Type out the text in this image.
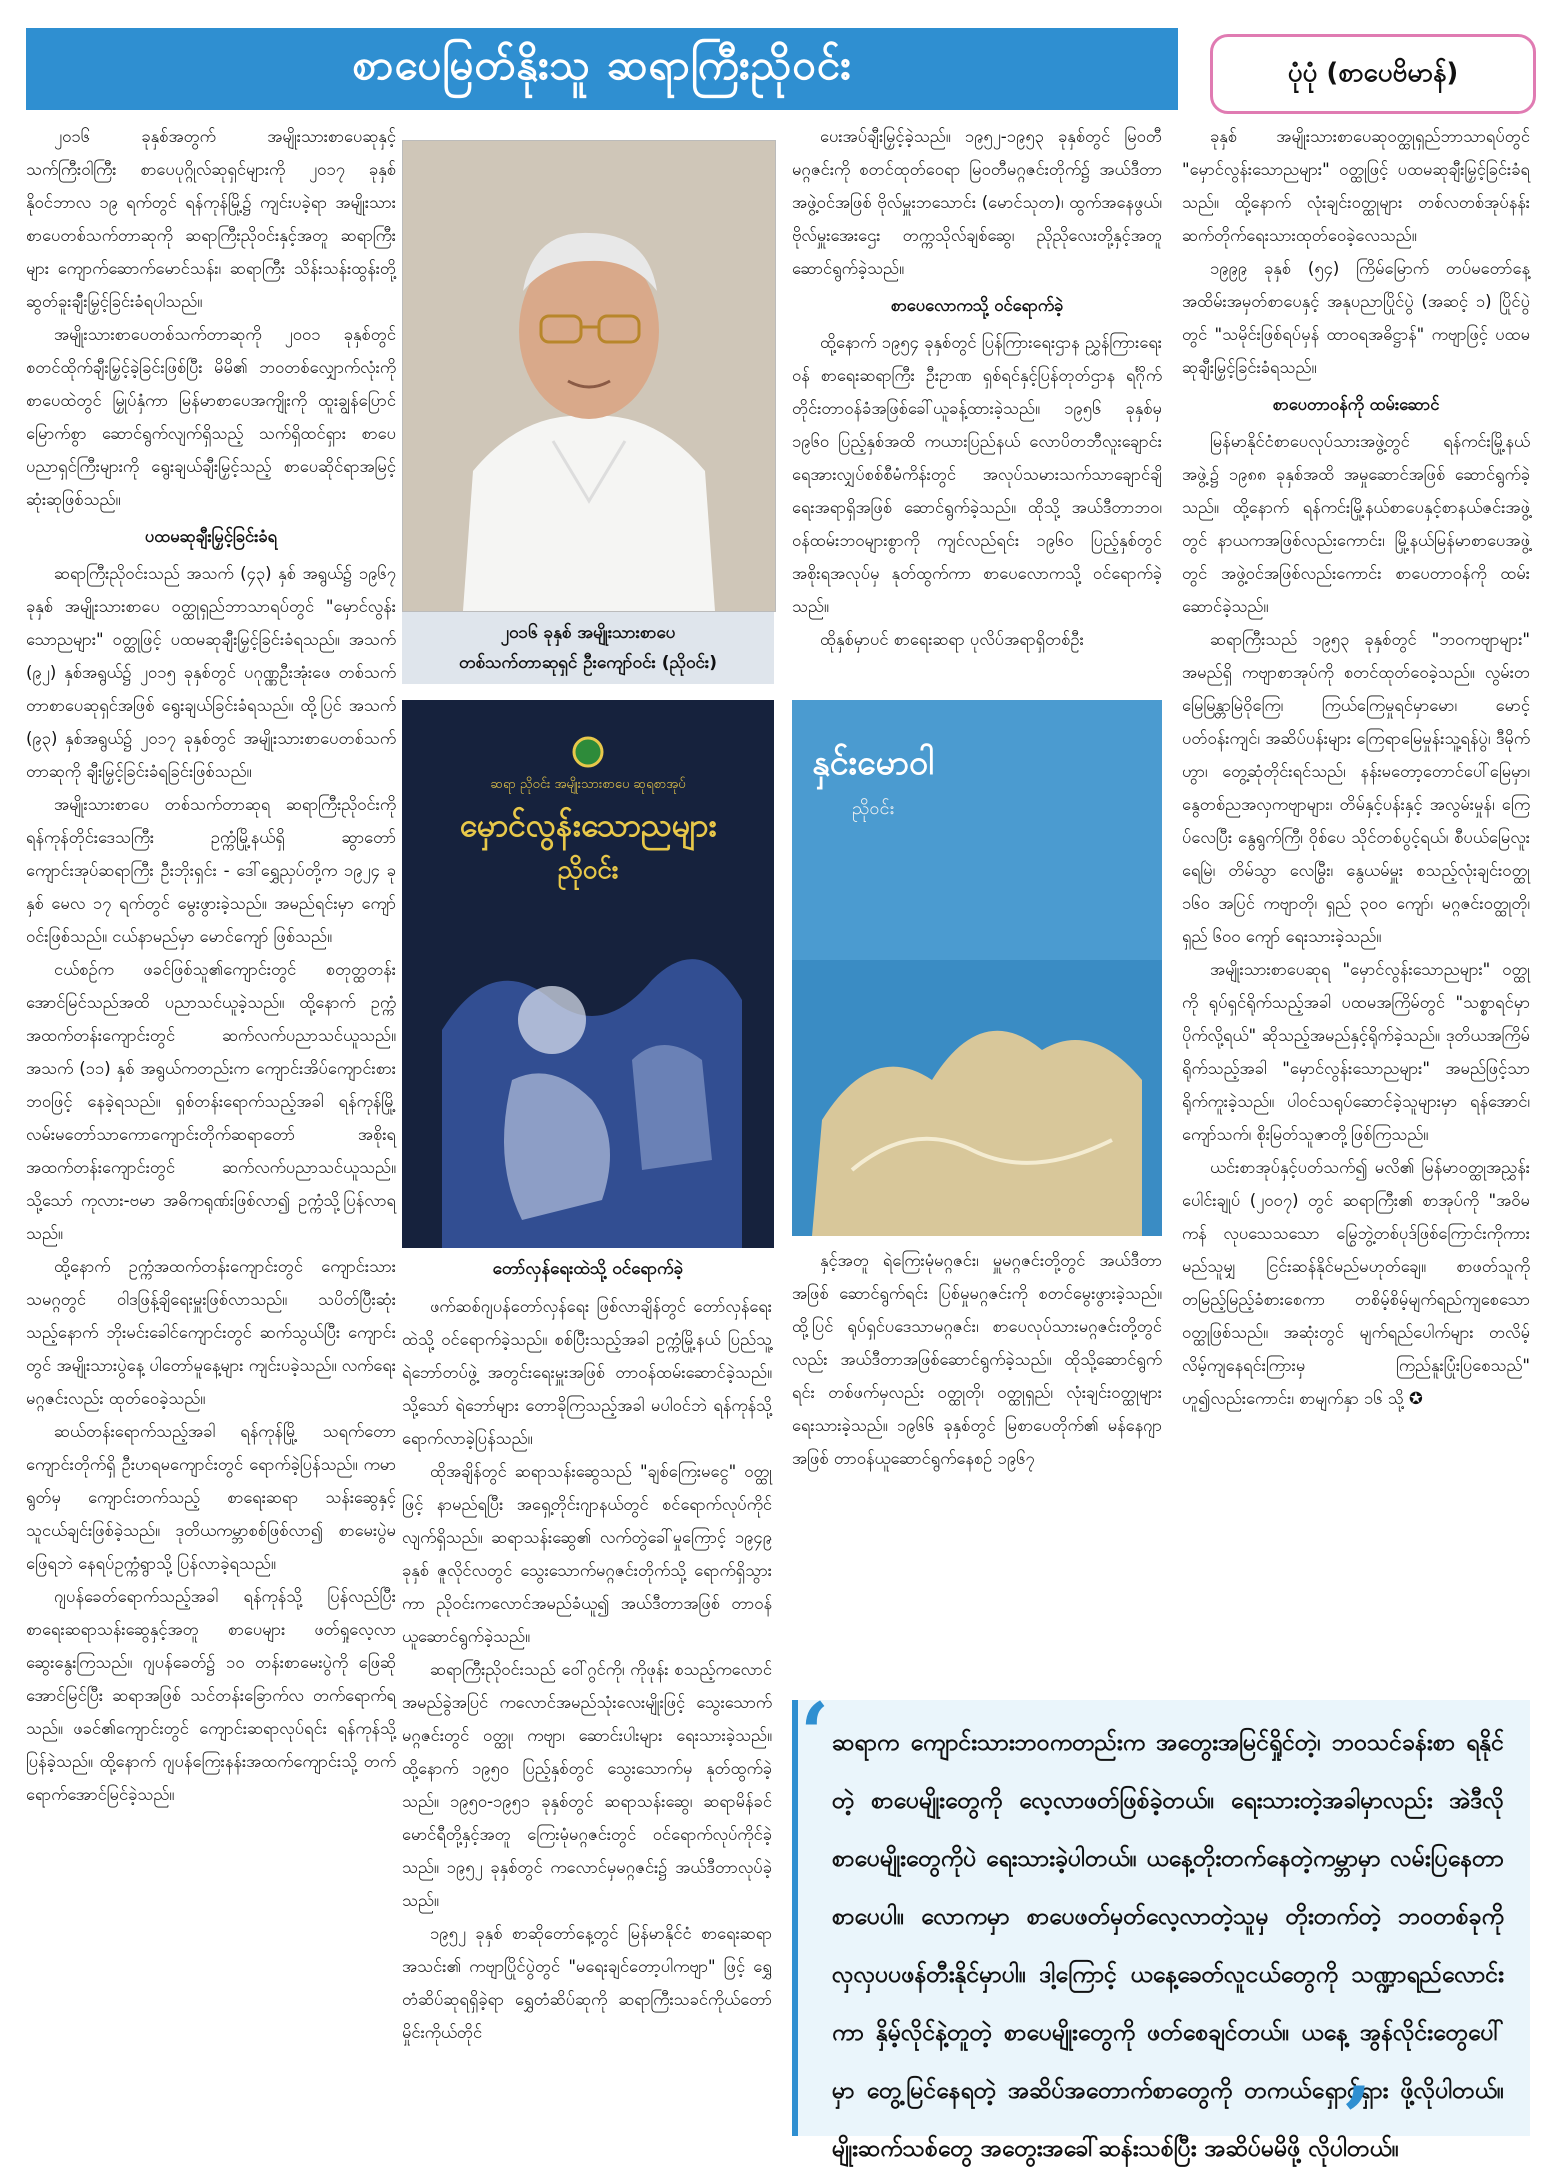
စာပေမြတ်နိုးသူ ဆရာကြီးညိုဝင်း	ပုံပုံ (စာပေဗိမာန်)

၂၀၁၆ ခုနှစ်အတွက် အမျိုးသားစာပေဆုနှင့် သက်ကြီးဝါကြီး စာပေပုဂ္ဂိုလ်ဆုရှင်များကို ၂၀၁၇ ခုနှစ် နိုဝင်ဘာလ ၁၉ ရက်တွင် ရန်ကုန်မြို့၌ ကျင်းပခဲ့ရာ အမျိုးသားစာပေတစ်သက်တာဆုကို ဆရာကြီးညိုဝင်းနှင့်အတူ ဆရာကြီးများ ကျောက်ဆောက်မောင်သန်း၊ ဆရာကြီး သိန်းသန်းထွန်းတို့ ဆွတ်ခူးချီးမြှင့်ခြင်းခံရပါသည်။

အမျိုးသားစာပေတစ်သက်တာဆုကို ၂၀၀၁ ခုနှစ်တွင် စတင်ထိုက်ချီးမြှင့်ခဲ့ခြင်းဖြစ်ပြီး မိမိ၏ ဘဝတစ်လျှောက်လုံးကို စာပေထဲတွင် မြှုပ်နှံကာ မြန်မာစာပေအကျိုးကို ထူးချွန်ပြောင်မြောက်စွာ ဆောင်ရွက်လျက်ရှိသည့် သက်ရှိထင်ရှား စာပေပညာရှင်ကြီးများကို ရွေးချယ်ချီးမြှင့်သည့် စာပေဆိုင်ရာအမြင့်ဆုံးဆုဖြစ်သည်။

ပထမဆုချီးမြှင့်ခြင်းခံရ

ဆရာကြီးညိုဝင်းသည် အသက် (၄၃) နှစ် အရွယ်၌ ၁၉၆၇ ခုနှစ် အမျိုးသားစာပေ ဝတ္ထုရှည်ဘာသာရပ်တွင် "မှောင်လွန်းသောညများ" ဝတ္ထုဖြင့် ပထမဆုချီးမြှင့်ခြင်းခံရသည်။ အသက် (၉၂) နှစ်အရွယ်၌ ၂၀၁၅ ခုနှစ်တွင် ပဂုဏ္ဏဦးအုံးဖေ တစ်သက်တာစာပေဆုရှင်အဖြစ် ရွေးချယ်ခြင်းခံရသည်။ ထို့ပြင် အသက် (၉၃) နှစ်အရွယ်၌ ၂၀၁၇ ခုနှစ်တွင် အမျိုးသားစာပေတစ်သက်တာဆုကို ချီးမြှင့်ခြင်းခံရခြင်းဖြစ်သည်။

အမျိုးသားစာပေ တစ်သက်တာဆုရ ဆရာကြီးညိုဝင်းကို ရန်ကုန်တိုင်းဒေသကြီး ဥက္ကံမြို့နယ်ရှိ ဆွာတော်ကျောင်းအုပ်ဆရာကြီး ဦးဘိုးရှင်း - ဒေါ်ရွှေညှပ်တို့က ၁၉၂၄ ခုနှစ် မေလ ၁၇ ရက်တွင် မွေးဖွားခဲ့သည်။ အမည်ရင်းမှာ ကျော်ဝင်းဖြစ်သည်။ ငယ်နာမည်မှာ မောင်ကျော် ဖြစ်သည်။

ငယ်စဉ်က ဖခင်ဖြစ်သူ၏ကျောင်းတွင် စတုတ္ထတန်းအောင်မြင်သည်အထိ ပညာသင်ယူခဲ့သည်။ ထို့နောက် ဥက္ကံအထက်တန်းကျောင်းတွင် ဆက်လက်ပညာသင်ယူသည်။ အသက် (၁၁) နှစ် အရွယ်ကတည်းက ကျောင်းအိပ်ကျောင်းစား ဘဝဖြင့် နေခဲ့ရသည်။ ရှစ်တန်းရောက်သည့်အခါ ရန်ကုန်မြို့ လမ်းမတော်သာကောကျောင်းတိုက်ဆရာတော် အစိုးရအထက်တန်းကျောင်းတွင် ဆက်လက်ပညာသင်ယူသည်။ သို့သော် ကုလား-ဗမာ အဓိကရုဏ်းဖြစ်လာ၍ ဥက္ကံသို့ပြန်လာရသည်။

ထို့နောက် ဥက္ကံအထက်တန်းကျောင်းတွင် ကျောင်းသားသမဂ္ဂတွင် ဝါဒဖြန့်ချိရေးမှူးဖြစ်လာသည်။ သပိတ်ပြီးဆုံးသည့်နောက် ဘိုးမင်းခေါင်ကျောင်းတွင် ဆက်သွယ်ပြီး ကျောင်းတွင် အမျိုးသားပွဲနေ့ ပါတော်မူနေ့များ ကျင်းပခဲ့သည်။ လက်ရေးမဂ္ဂဇင်းလည်း ထုတ်ဝေခဲ့သည်။

ဆယ်တန်းရောက်သည့်အခါ ရန်ကုန်မြို့ သရက်တောကျောင်းတိုက်ရှိ ဦးဟရမကျောင်းတွင် ရောက်ခဲ့ပြန်သည်။ ကမာရွတ်မှ ကျောင်းတက်သည့် စာရေးဆရာ သန်းဆွေနှင့် သူငယ်ချင်းဖြစ်ခဲ့သည်။ ဒုတိယကမ္ဘာစစ်ဖြစ်လာ၍ စာမေးပွဲမဖြေရဘဲ နေရပ်ဥက္ကံရွာသို့ ပြန်လာခဲ့ရသည်။

ဂျပန်ခေတ်ရောက်သည့်အခါ ရန်ကုန်သို့ ပြန်လည်ပြီး စာရေးဆရာသန်းဆွေနှင့်အတူ စာပေများ ဖတ်ရှုလေ့လာဆွေးနွေးကြသည်။ ဂျပန်ခေတ်၌ ၁၀ တန်းစာမေးပွဲကို ဖြေဆိုအောင်မြင်ပြီး ဆရာအဖြစ် သင်တန်းခြောက်လ တက်ရောက်ရသည်။ ဖခင်၏ကျောင်းတွင် ကျောင်းဆရာလုပ်ရင်း ရန်ကုန်သို့ပြန်ခဲ့သည်။ ထို့နောက် ဂျပန်ကြေးနန်းအထက်ကျောင်းသို့ တက်ရောက်အောင်မြင်ခဲ့သည်။

၂၀၁၆ ခုနှစ် အမျိုးသားစာပေ
တစ်သက်တာဆုရှင် ဦးကျော်ဝင်း (ညိုဝင်း)
ဆရာ ညိုဝင်း အမျိုးသားစာပေ ဆုရစာအုပ်
မှောင်လွန်းသောညများ
ညိုဝင်း
တော်လှန်ရေးထဲသို့ ဝင်ရောက်ခဲ့

ဖက်ဆစ်ဂျပန်တော်လှန်ရေး ဖြစ်လာချိန်တွင် တော်လှန်ရေးထဲသို့ ဝင်ရောက်ခဲ့သည်။ စစ်ပြီးသည့်အခါ ဥက္ကံမြို့နယ် ပြည်သူ့ရဲဘော်တပ်ဖွဲ့ အတွင်းရေးမှူးအဖြစ် တာဝန်ထမ်းဆောင်ခဲ့သည်။ သို့သော် ရဲဘော်များ တောခိုကြသည့်အခါ မပါဝင်ဘဲ ရန်ကုန်သို့ ရောက်လာခဲ့ပြန်သည်။

ထိုအချိန်တွင် ဆရာသန်းဆွေသည် "ချစ်ကြေးမငွေ" ဝတ္ထုဖြင့် နာမည်ရပြီး အရှေ့တိုင်းဂျာနယ်တွင် စင်ရောက်လုပ်ကိုင်လျက်ရှိသည်။ ဆရာသန်းဆွေ၏ လက်တွဲခေါ်မှုကြောင့် ၁၉၄၉ ခုနှစ် ဇူလိုင်လတွင် သွေးသောက်မဂ္ဂဇင်းတိုက်သို့ ရောက်ရှိသွားကာ ညိုဝင်းကလောင်အမည်ခံယူ၍ အယ်ဒီတာအဖြစ် တာဝန်ယူဆောင်ရွက်ခဲ့သည်။

ဆရာကြီးညိုဝင်းသည် ဝေါ်ဂွင်ကို၊ ကိုဖုန်း စသည့်ကလောင်အမည်ခွဲအပြင် ကလောင်အမည်သုံးလေးမျိုးဖြင့် သွေးသောက်မဂ္ဂဇင်းတွင် ဝတ္ထု၊ ကဗျာ၊ ဆောင်းပါးများ ရေးသားခဲ့သည်။ ထို့နောက် ၁၉၅၀ ပြည့်နှစ်တွင် သွေးသောက်မှ နုတ်ထွက်ခဲ့သည်။ ၁၉၅၀-၁၉၅၁ ခုနှစ်တွင် ဆရာသန်းဆွေ၊ ဆရာမိန်ခင်မောင်ရီတို့နှင့်အတူ ကြေးမုံမဂ္ဂဇင်းတွင် ဝင်ရောက်လုပ်ကိုင်ခဲ့သည်။ ၁၉၅၂ ခုနှစ်တွင် ကလောင်မှမဂ္ဂဇင်း၌ အယ်ဒီတာလုပ်ခဲ့သည်။

၁၉၅၂ ခုနှစ် စာဆိုတော်နေ့တွင် မြန်မာနိုင်ငံ စာရေးဆရာအသင်း၏ ကဗျာပြိုင်ပွဲတွင် "မရေးချင်တော့ပါကဗျာ" ဖြင့် ရွှေတံဆိပ်ဆုရရှိခဲ့ရာ ရွှေတံဆိပ်ဆုကို ဆရာကြီးသခင်ကိုယ်တော်မှိုင်းကိုယ်တိုင်

ပေးအပ်ချီးမြှင့်ခဲ့သည်။ ၁၉၅၂-၁၉၅၃ ခုနှစ်တွင် မြဝတီမဂ္ဂဇင်းကို စတင်ထုတ်ဝေရာ မြဝတီမဂ္ဂဇင်းတိုက်၌ အယ်ဒီတာအဖွဲ့ဝင်အဖြစ် ဗိုလ်မှူးဘသောင်း (မောင်သုတ)၊ ထွက်အနေဖွယ်၊ ဗိုလ်မှူးအေးဌေး တက္ကသိုလ်ချစ်ဆွေ၊ ညိုညိုလေးတို့နှင့်အတူ ဆောင်ရွက်ခဲ့သည်။

စာပေလောကသို့ ဝင်ရောက်ခဲ့

ထို့နောက် ၁၉၅၄ ခုနှစ်တွင် ပြန်ကြားရေးဌာန ညွှန်ကြားရေးဝန် စာရေးဆရာကြီး ဦးဥာဏ ရှစ်ရင်နှင့်ပြန်တုတ်ဌာန ရင်္ဂိုက်တိုင်းတာဝန်ခံအဖြစ်ခေါ်ယူခန့်ထားခဲ့သည်။ ၁၉၅၆ ခုနှစ်မှ ၁၉၆၀ ပြည့်နှစ်အထိ ကယားပြည်နယ် လောပိတဘီလူးချောင်းရေအားလျှပ်စစ်စီမံကိန်းတွင် အလုပ်သမားသက်သာချောင်ချိရေးအရာရှိအဖြစ် ဆောင်ရွက်ခဲ့သည်။ ထိုသို့ အယ်ဒီတာဘဝ၊ ဝန်ထမ်းဘဝများစွာကို ကျင်လည်ရင်း ၁၉၆၀ ပြည့်နှစ်တွင် အစိုးရအလုပ်မှ နုတ်ထွက်ကာ စာပေလောကသို့ ဝင်ရောက်ခဲ့သည်။

ထိုနှစ်မှာပင် စာရေးဆရာ ပုလိပ်အရာရှိတစ်ဦး

နှင်းမောဝါ
ညိုဝင်း

နှင့်အတူ ရဲကြေးမုံမဂ္ဂဇင်း၊ မှူမဂ္ဂဇင်းတို့တွင် အယ်ဒီတာအဖြစ် ဆောင်ရွက်ရင်း ပြစ်မှုမဂ္ဂဇင်းကို စတင်မွေးဖွားခဲ့သည်။ ထို့ပြင် ရုပ်ရှင်ပဒေသာမဂ္ဂဇင်း၊ စာပေလုပ်သားမဂ္ဂဇင်းတို့တွင်လည်း အယ်ဒီတာအဖြစ်ဆောင်ရွက်ခဲ့သည်။ ထိုသို့ဆောင်ရွက်ရင်း တစ်ဖက်မှလည်း ဝတ္ထုတို၊ ဝတ္ထုရှည်၊ လုံးချင်းဝတ္ထုများ ရေးသားခဲ့သည်။ ၁၉၆၆ ခုနှစ်တွင် မြစာပေတိုက်၏ မန်နေဂျာအဖြစ် တာဝန်ယူဆောင်ရွက်နေစဉ် ၁၉၆၇

ခုနှစ် အမျိုးသားစာပေဆုဝတ္ထုရှည်ဘာသာရပ်တွင် "မှောင်လွန်းသောညများ" ဝတ္ထုဖြင့် ပထမဆုချီးမြှင့်ခြင်းခံရသည်။ ထို့နောက် လုံးချင်းဝတ္ထုများ တစ်လတစ်အုပ်နန်း ဆက်တိုက်ရေးသားထုတ်ဝေခဲ့လေသည်။

၁၉၉၉ ခုနှစ် (၅၄) ကြိမ်မြောက် တပ်မတော်နေ့အထိမ်းအမှတ်စာပေနှင့် အနုပညာပြိုင်ပွဲ (အဆင့် ၁) ပြိုင်ပွဲတွင် "သမိုင်းဖြစ်ရပ်မှန် ထာဝရအဓိဋ္ဌာန်" ကဗျာဖြင့် ပထမဆုချီးမြှင့်ခြင်းခံရသည်။

စာပေတာဝန်ကို ထမ်းဆောင်

မြန်မာနိုင်ငံစာပေလုပ်သားအဖွဲ့တွင် ရန်ကင်းမြို့နယ်အဖွဲ့၌ ၁၉၈၈ ခုနှစ်အထိ အမှုဆောင်အဖြစ် ဆောင်ရွက်ခဲ့သည်။ ထို့နောက် ရန်ကင်းမြို့နယ်စာပေနှင့်စာနယ်ဇင်းအဖွဲ့တွင် နာယကအဖြစ်လည်းကောင်း၊ မြို့နယ်မြန်မာစာပေအဖွဲ့တွင် အဖွဲ့ဝင်အဖြစ်လည်းကောင်း စာပေတာဝန်ကို ထမ်းဆောင်ခဲ့သည်။

ဆရာကြီးသည် ၁၉၅၃ ခုနှစ်တွင် "ဘဝကဗျာများ" အမည်ရှိ ကဗျာစာအုပ်ကို စတင်ထုတ်ဝေခဲ့သည်။ လွမ်းတမြေမြန္တာမြဲဝိုကြေ၊ ကြယ်ကြေမှုရင်မှာမော၊ မောင့်ပတ်ဝန်းကျင်၊ အဆိပ်ပန်းများ ကြေရာမြေမှုန်းသူ့ရန်ပွဲ၊ ဒီမိုက်ဟွာ၊ တွေ့ဆုံတိုင်းရင်သည်၊ နန်းမတော့တောင်ပေါ်မြေမှာ၊ နွေတစ်ညအလှကဗျာများ၊ တိမ်နှင့်ပန်းနှင့် အလွမ်းမှုန်၊ ကြေပ်လေပြီး နွေရွက်ကြီ၊ ဝိုစ်ပေ သိုင်တစ်ပွင့်ရယ်၊ စီပယ်မြေလူး ရေမြဲ၊ တိမ်သွာ လေမြွီး၊ နွေယမ်မှူး စသည့်လုံးချင်းဝတ္ထု ၁၆၀ အပြင် ကဗျာတို၊ ရှည် ၃၀၀ ကျော်၊ မဂ္ဂဇင်းဝတ္ထုတို၊ ရှည် ၆၀၀ ကျော် ရေးသားခဲ့သည်။

အမျိုးသားစာပေဆုရ "မှောင်လွန်းသောညများ" ဝတ္ထုကို ရုပ်ရှင်ရိုက်သည့်အခါ ပထမအကြိမ်တွင် "သစ္စာရင်မှာပိုက်လို့ရယ်" ဆိုသည့်အမည်နှင့်ရိုက်ခဲ့သည်။ ဒုတိယအကြိမ်ရိုက်သည့်အခါ "မှောင်လွန်းသောညများ" အမည်ဖြင့်သာ ရိုက်ကူးခဲ့သည်။ ပါဝင်သရုပ်ဆောင်ခဲ့သူများမှာ ရန်အောင်၊ ကျော်သက်၊ စိုးမြတ်သူဇာတို့ဖြစ်ကြသည်။

ယင်းစာအုပ်နှင့်ပတ်သက်၍ မလိ၏ မြန်မာဝတ္ထုအညွှန်းပေါင်းချုပ် (၂၀၀၇) တွင် ဆရာကြီး၏ စာအုပ်ကို "အဝိမကန် လုပသေသသော မြွေဘွဲ့တစ်ပုဒ်ဖြစ်ကြောင်းကိုကား မည်သူမျှ ငြင်းဆန်နိုင်မည်မဟုတ်ချေ။ စာဖတ်သူကို တမြည့်မြည့်ခံစားစေကာ တစိမ့်စိမ့်မျက်ရည်ကျစေသော ဝတ္ထုဖြစ်သည်။ အဆုံးတွင် မျက်ရည်ပေါက်များ တလိမ့်လိမ့်ကျနေရင်းကြားမှ ကြည်နူးပြုံးပြစေသည်" ဟူ၍လည်းကောင်း၊ စာမျက်နှာ ၁၆ သို့ ✪

ဆရာက ကျောင်းသားဘဝကတည်းက အတွေးအမြင်ရှိုင်တဲ့၊ ဘဝသင်ခန်းစာ ရနိုင်တဲ့ စာပေမျိုးတွေကို လေ့လာဖတ်ဖြစ်ခဲ့တယ်။ ရေးသားတဲ့အခါမှာလည်း အဲဒီလို စာပေမျိုးတွေကိုပဲ ရေးသားခဲ့ပါတယ်။ ယနေ့တိုးတက်နေတဲ့ကမ္ဘာမှာ လမ်းပြနေတာစာပေပါ။ လောကမှာ စာပေဖတ်မှတ်လေ့လာတဲ့သူမှ တိုးတက်တဲ့ ဘဝတစ်ခုကို လှလှပပဖန်တီးနိုင်မှာပါ။ ဒါ့ကြောင့် ယနေ့ခေတ်လူငယ်တွေကို သဏ္ဍာရည်လောင်းကာ နှိမ့်လိုင်နဲ့တူတဲ့ စာပေမျိုးတွေကို ဖတ်စေချင်တယ်။ ယနေ့ အွန်လိုင်းတွေပေါ်မှာ တွေ့မြင်နေရတဲ့ အဆိပ်အတောက်စာတွေကို တကယ်ရှောင်ရှား ဖို့လိုပါတယ်။ မျိုးဆက်သစ်တွေ အတွေးအခေါ်ဆန်းသစ်ပြီး အဆိပ်မမိဖို့ လိုပါတယ်။
‘
’
